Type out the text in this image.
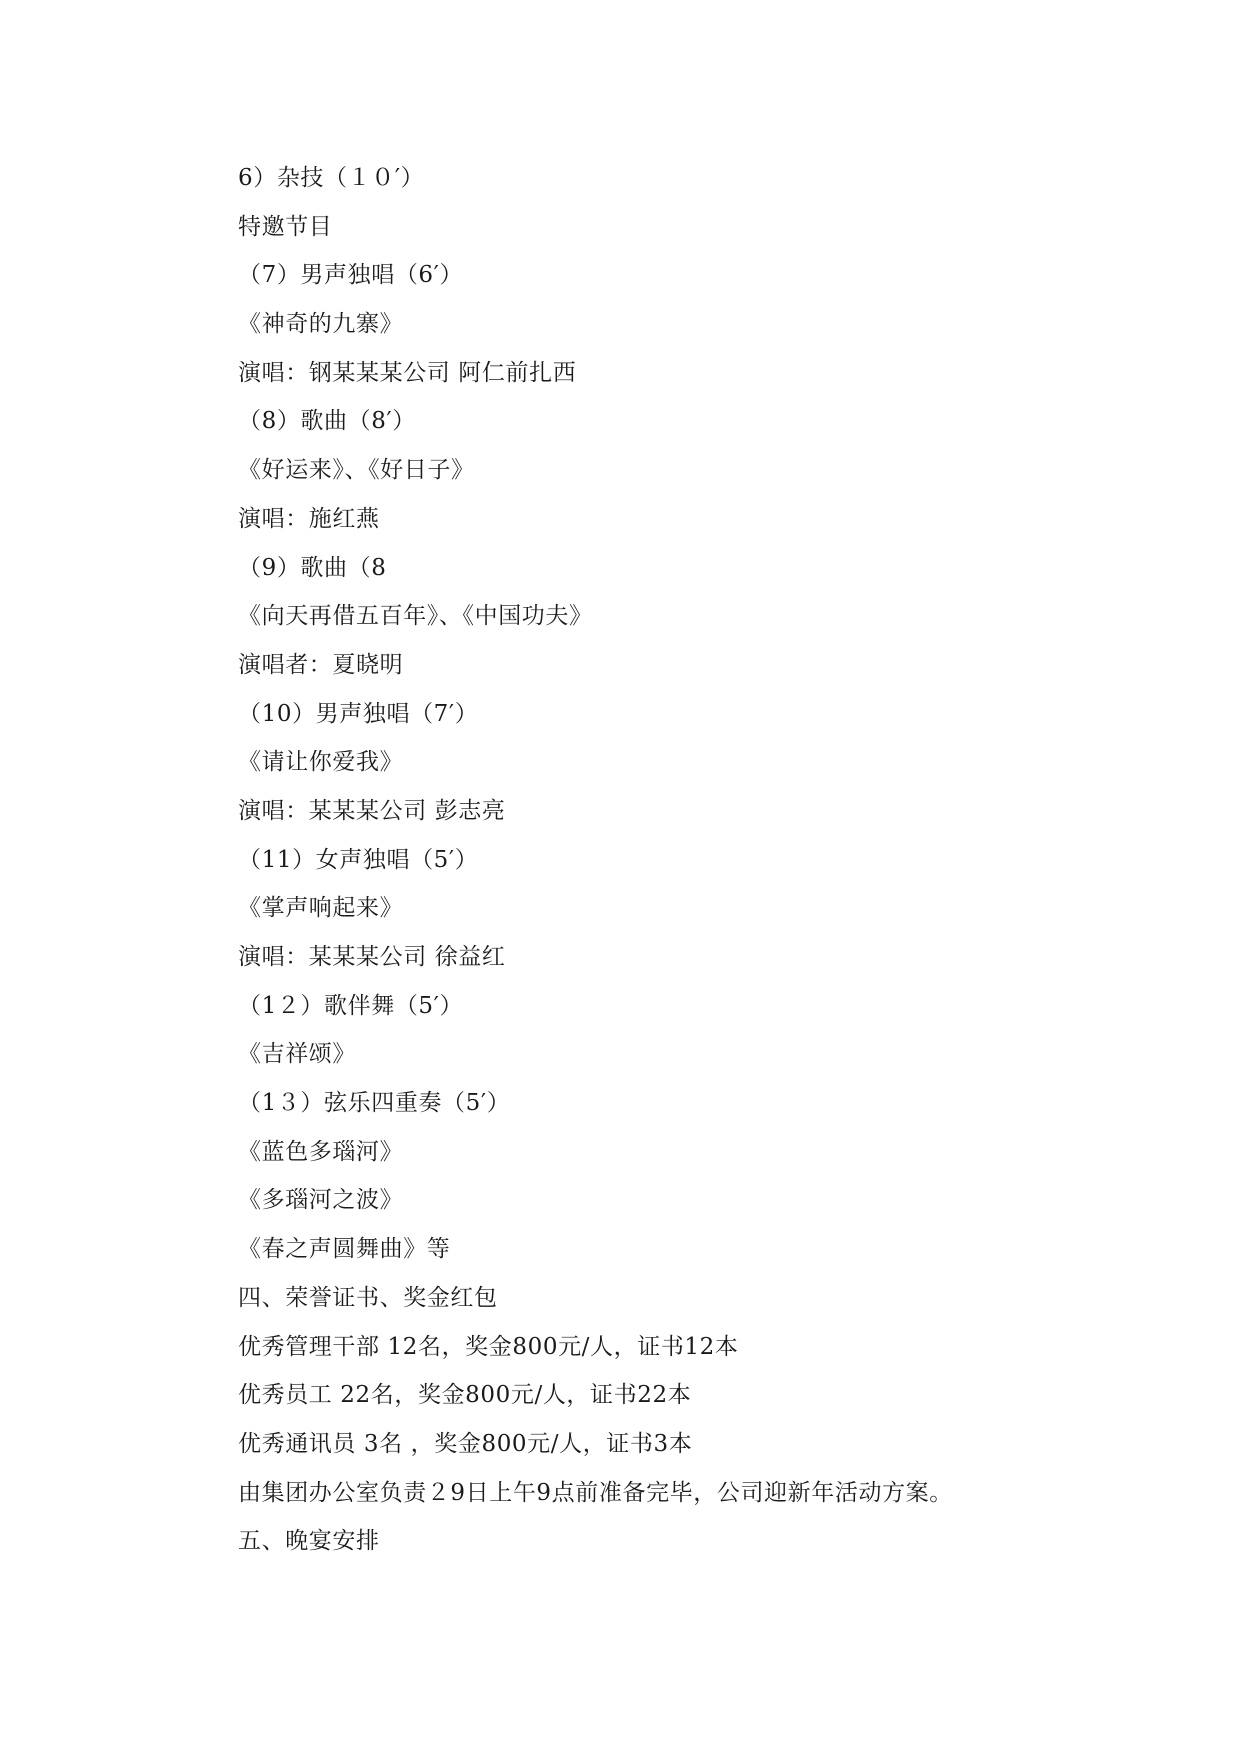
6）杂技（１０′）
特邀节目
（7）男声独唱（6′）
《神奇的九寨》
演唱：钢某某某公司 阿仁前扎西
（8）歌曲（8′）
《好运来》、《好日子》
演唱：施红燕
（9）歌曲（8
《向天再借五百年》、《中国功夫》
演唱者：夏晓明
（10）男声独唱（7′）
《请让你爱我》
演唱：某某某公司 彭志亮
（11）女声独唱（5′）
《掌声响起来》
演唱：某某某公司 徐益红
（1２）歌伴舞（5′）
《吉祥颂》
（1３）弦乐四重奏（5′）
《蓝色多瑙河》
《多瑙河之波》
《春之声圆舞曲》等
四、荣誉证书、奖金红包
优秀管理干部 12名，奖金800元/人，证书12本
优秀员工 22名，奖金800元/人，证书22本
优秀通讯员 3名 ，奖金800元/人，证书3本
由集团办公室负责２9日上午9点前准备完毕，公司迎新年活动方案。
五、晚宴安排
